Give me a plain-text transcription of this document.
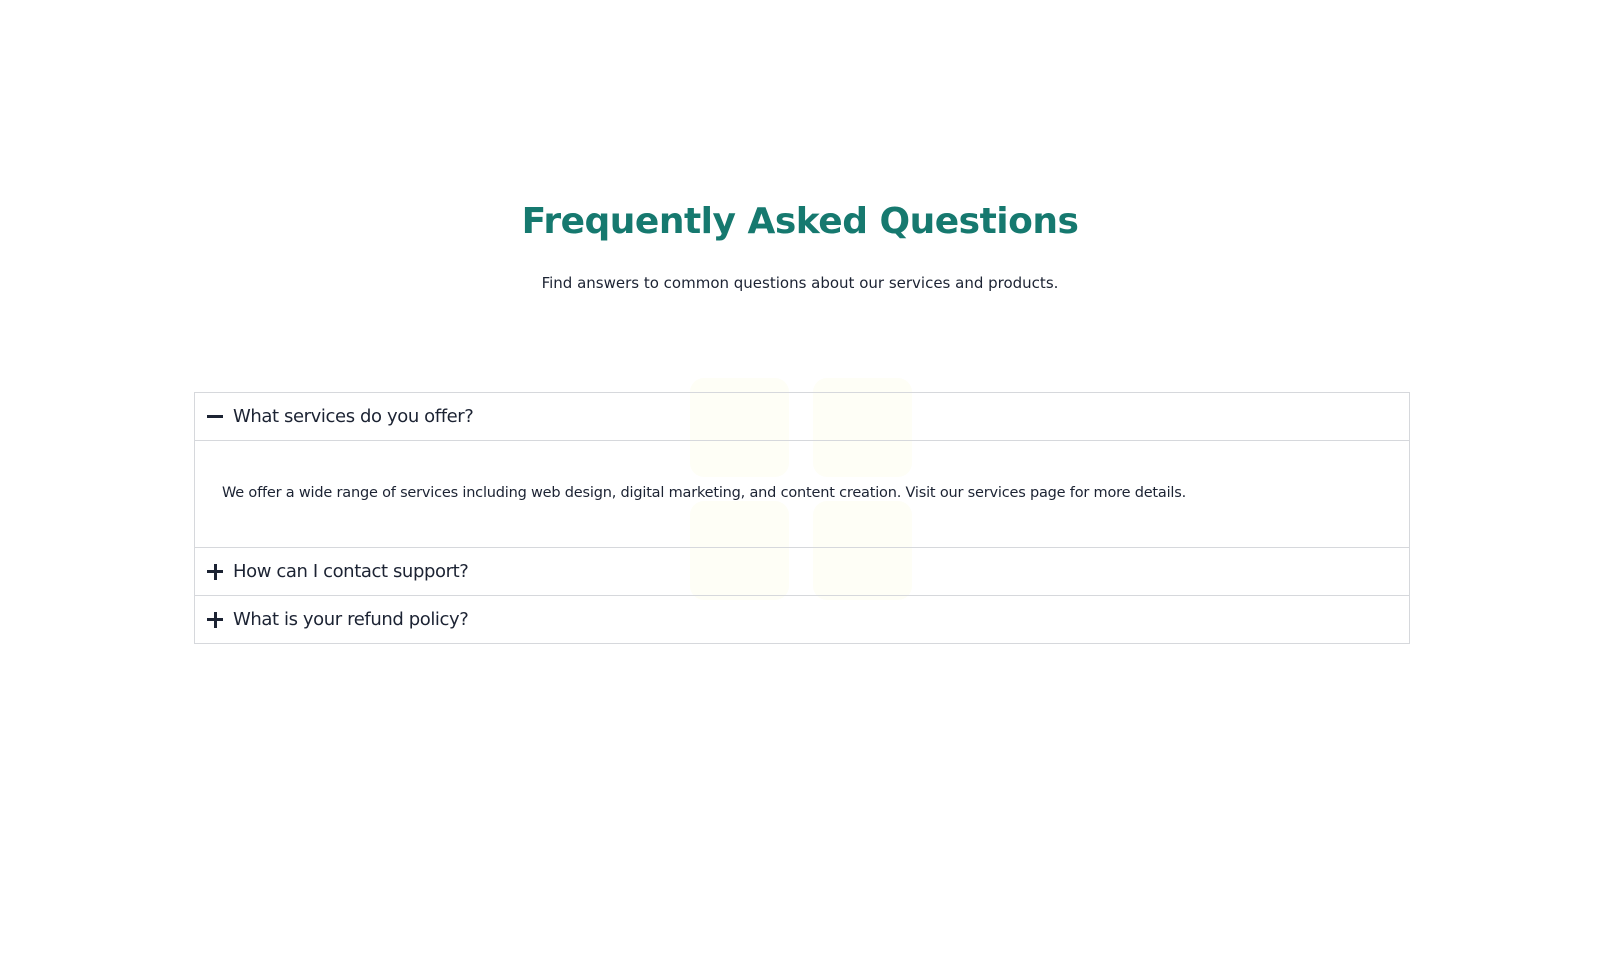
Frequently Asked Questions

Find answers to common questions about our services and products.

What services do you offer?

We offer a wide range of services including web design, digital marketing, and content creation. Visit our services page for more details.

How can I contact support?
What is your refund policy?
